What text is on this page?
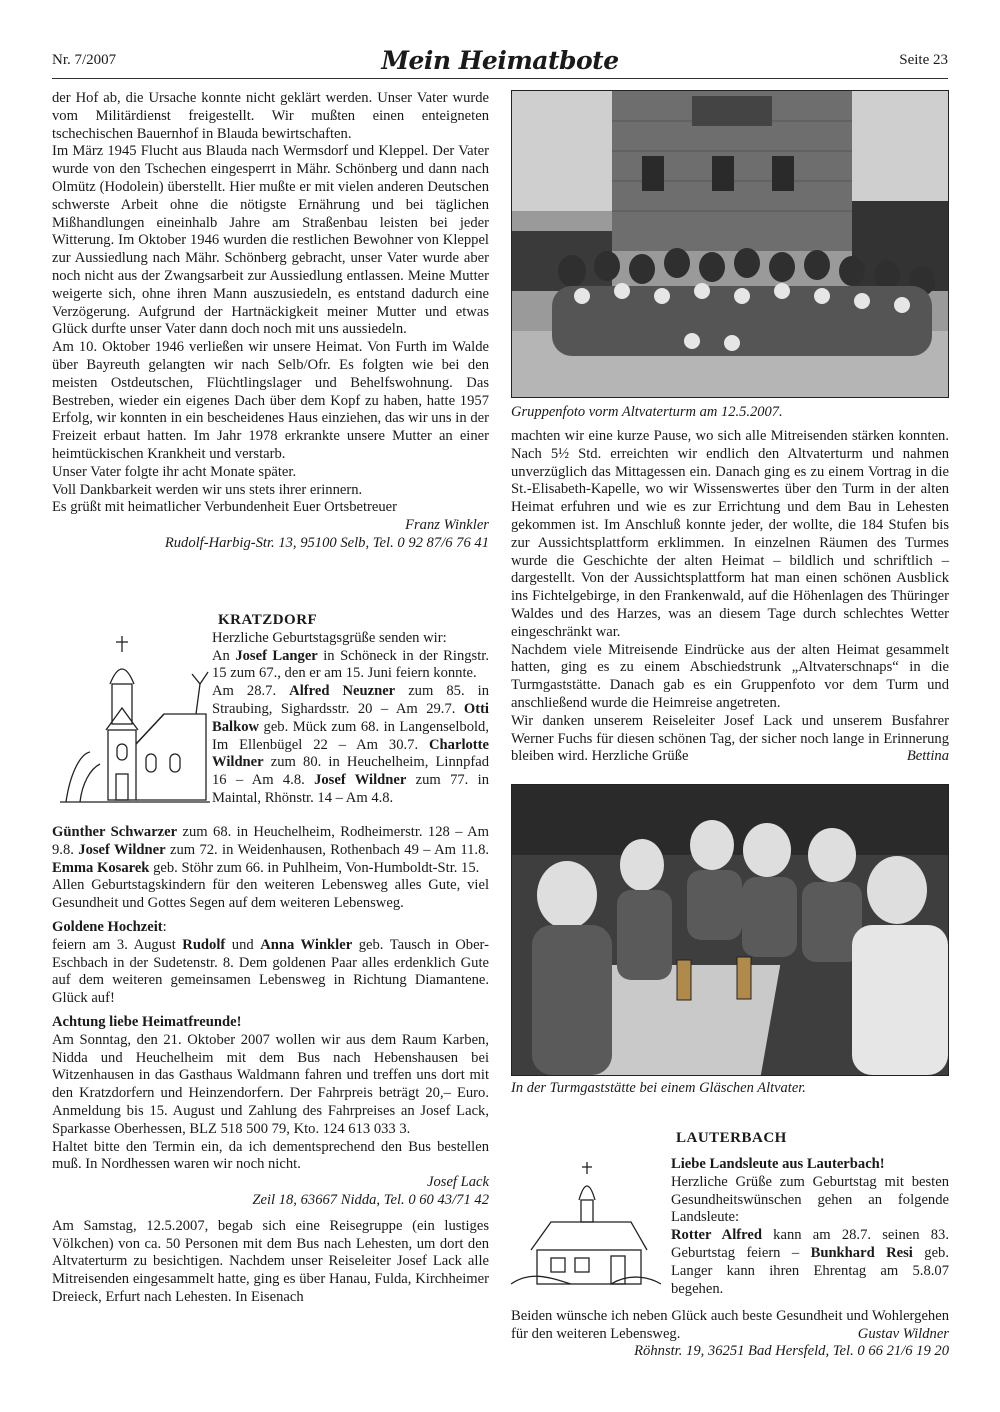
Nr. 7/2007	Mein Heimatbote	Seite 23

der Hof ab, die Ursache konnte nicht geklärt werden. Unser Vater wurde vom Militärdienst freigestellt. Wir mußten einen enteigneten tschechischen Bauernhof in Blauda bewirtschaften.

Im März 1945 Flucht aus Blauda nach Wermsdorf und Kleppel. Der Vater wurde von den Tschechen eingesperrt in Mähr. Schönberg und dann nach Olmütz (Hodolein) überstellt. Hier mußte er mit vielen anderen Deutschen schwerste Arbeit ohne die nötigste Ernährung und bei täglichen Mißhandlungen eineinhalb Jahre am Straßenbau leisten bei jeder Witterung. Im Oktober 1946 wurden die restlichen Bewohner von Kleppel zur Aussiedlung nach Mähr. Schönberg gebracht, unser Vater wurde aber noch nicht aus der Zwangsarbeit zur Aussiedlung entlassen. Meine Mutter weigerte sich, ohne ihren Mann auszusiedeln, es entstand dadurch eine Verzögerung. Aufgrund der Hartnäckigkeit meiner Mutter und etwas Glück durfte unser Vater dann doch noch mit uns aussiedeln.

Am 10. Oktober 1946 verließen wir unsere Heimat. Von Furth im Walde über Bayreuth gelangten wir nach Selb/Ofr. Es folgten wie bei den meisten Ostdeutschen, Flüchtlingslager und Behelfswohnung. Das Bestreben, wieder ein eigenes Dach über dem Kopf zu haben, hatte 1957 Erfolg, wir konnten in ein bescheidenes Haus einziehen, das wir uns in der Freizeit erbaut hatten. Im Jahr 1978 erkrankte unsere Mutter an einer heimtückischen Krankheit und verstarb.

Unser Vater folgte ihr acht Monate später.

Voll Dankbarkeit werden wir uns stets ihrer erinnern.

Es grüßt mit heimatlicher Verbundenheit Euer Ortsbetreuer

Franz Winkler

Rudolf-Harbig-Str. 13, 95100 Selb, Tel. 0 92 87/6 76 41

KRATZDORF

Herzliche Geburtstagsgrüße senden wir:

An Josef Langer in Schöneck in der Ringstr. 15 zum 67., den er am 15. Juni feiern konnte.

Am 28.7. Alfred Neuzner zum 85. in Straubing, Sighardsstr. 20 – Am 29.7. Otti Balkow geb. Mück zum 68. in Langenselbold, Im Ellenbügel 22 – Am 30.7. Charlotte Wildner zum 80. in Heuchelheim, Linnpfad 16 – Am 4.8. Josef Wildner zum 77. in Maintal, Rhönstr. 14 – Am 4.8.

Günther Schwarzer zum 68. in Heuchelheim, Rodheimerstr. 128 – Am 9.8. Josef Wildner zum 72. in Weidenhausen, Rothenbach 49 – Am 11.8. Emma Kosarek geb. Stöhr zum 66. in Puhlheim, Von-Humboldt-Str. 15.

Allen Geburtstagskindern für den weiteren Lebensweg alles Gute, viel Gesundheit und Gottes Segen auf dem weiteren Lebensweg.

Goldene Hochzeit:

feiern am 3. August Rudolf und Anna Winkler geb. Tausch in Ober-Eschbach in der Sudetenstr. 8. Dem goldenen Paar alles erdenklich Gute auf dem weiteren gemeinsamen Lebensweg in Richtung Diamantene. Glück auf!

Achtung liebe Heimatfreunde!

Am Sonntag, den 21. Oktober 2007 wollen wir aus dem Raum Karben, Nidda und Heuchelheim mit dem Bus nach Hebenshausen bei Witzenhausen in das Gasthaus Waldmann fahren und treffen uns dort mit den Kratzdorfern und Heinzendorfern. Der Fahrpreis beträgt 20,– Euro. Anmeldung bis 15. August und Zahlung des Fahrpreises an Josef Lack, Sparkasse Oberhessen, BLZ 518 500 79, Kto. 124 613 033 3.

Haltet bitte den Termin ein, da ich dementsprechend den Bus bestellen muß. In Nordhessen waren wir noch nicht.

Josef Lack

Zeil 18, 63667 Nidda, Tel. 0 60 43/71 42

Am Samstag, 12.5.2007, begab sich eine Reisegruppe (ein lustiges Völkchen) von ca. 50 Personen mit dem Bus nach Lehesten, um dort den Altvaterturm zu besichtigen. Nachdem unser Reiseleiter Josef Lack alle Mitreisenden eingesammelt hatte, ging es über Hanau, Fulda, Kirchheimer Dreieck, Erfurt nach Lehesten. In Eisenach

Gruppenfoto vorm Altvaterturm am 12.5.2007.

machten wir eine kurze Pause, wo sich alle Mitreisenden stärken konnten. Nach 5½ Std. erreichten wir endlich den Altvaterturm und nahmen unverzüglich das Mittagessen ein. Danach ging es zu einem Vortrag in die St.-Elisabeth-Kapelle, wo wir Wissenswertes über den Turm in der alten Heimat erfuhren und wie es zur Errichtung und dem Bau in Lehesten gekommen ist. Im Anschluß konnte jeder, der wollte, die 184 Stufen bis zur Aussichtsplattform erklimmen. In einzelnen Räumen des Turmes wurde die Geschichte der alten Heimat – bildlich und schriftlich – dargestellt. Von der Aussichtsplattform hat man einen schönen Ausblick ins Fichtelgebirge, in den Frankenwald, auf die Höhenlagen des Thüringer Waldes und des Harzes, was an diesem Tage durch schlechtes Wetter eingeschränkt war.

Nachdem viele Mitreisende Eindrücke aus der alten Heimat gesammelt hatten, ging es zu einem Abschiedstrunk „Altvaterschnaps“ in die Turmgaststätte. Danach gab es ein Gruppenfoto vor dem Turm und anschließend wurde die Heimreise angetreten.

Wir danken unserem Reiseleiter Josef Lack und unserem Busfahrer Werner Fuchs für diesen schönen Tag, der sicher noch lange in Erinnerung bleiben wird. Herzliche Grüße	Bettina

In der Turmgaststätte bei einem Gläschen Altvater.
LAUTERBACH

Liebe Landsleute aus Lauterbach!

Herzliche Grüße zum Geburtstag mit besten Gesundheitswünschen gehen an folgende Landsleute:

Rotter Alfred kann am 28.7. seinen 83. Geburtstag feiern – Bunkhard Resi geb. Langer kann ihren Ehrentag am 5.8.07 begehen.

Beiden wünsche ich neben Glück auch beste Gesundheit und Wohlergehen für den weiteren Lebensweg.	Gustav Wildner

Röhnstr. 19, 36251 Bad Hersfeld, Tel. 0 66 21/6 19 20
